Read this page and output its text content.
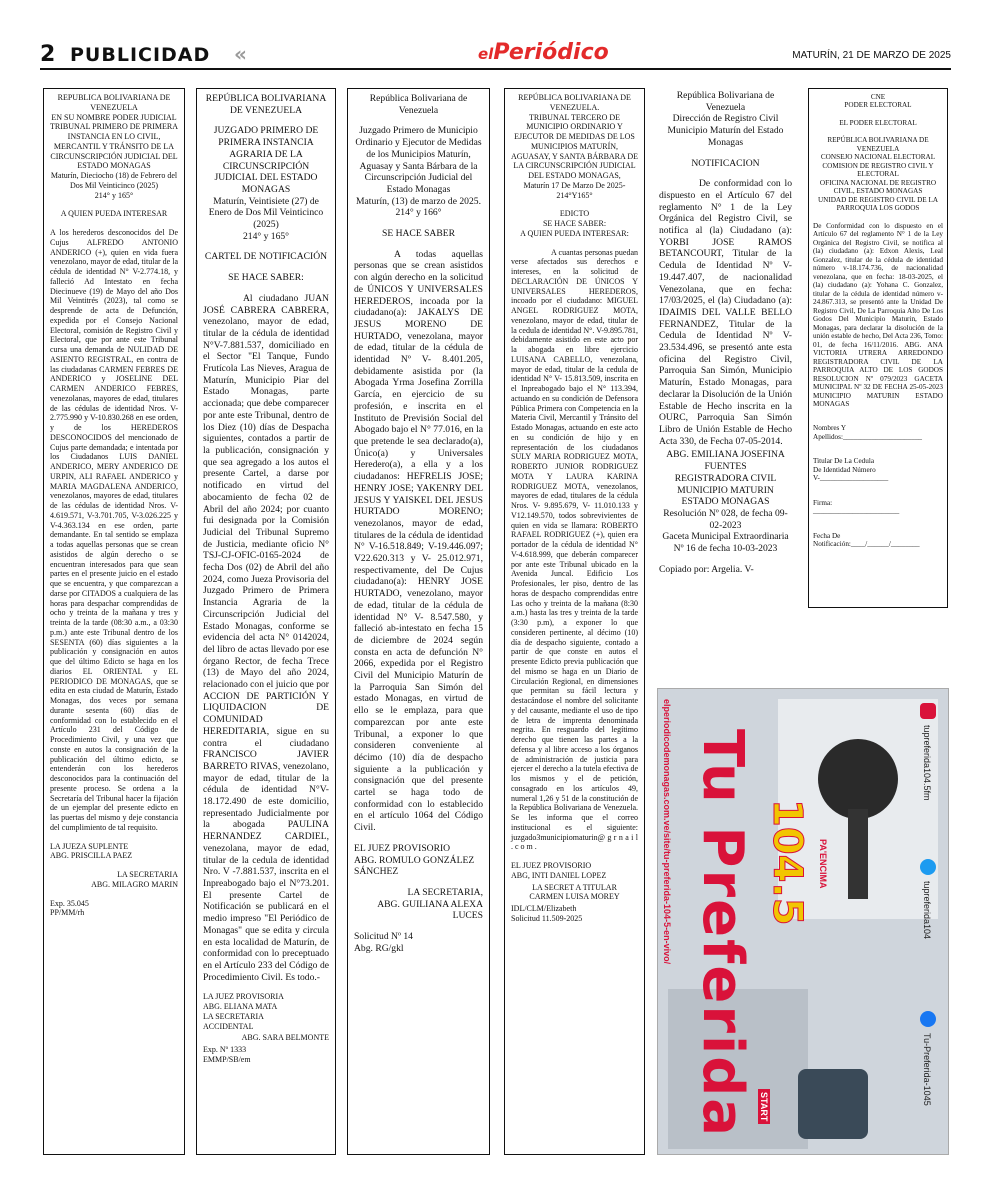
2 PUBLICIDAD «	elPeriódico	MATURÍN, 21 DE MARZO DE 2025

REPUBLICA BOLIVARIANA DE VENEZUELA
EN SU NOMBRE PODER JUDICIAL
TRIBUNAL PRIMERO DE PRIMERA INSTANCIA EN LO CIVIL, MERCANTIL Y TRÁNSITO DE LA CIRCUNSCRIPCIÓN JUDICIAL DEL ESTADO MONAGAS
Maturín, Dieciocho (18) de Febrero del Dos Mil Veinticinco (2025)
214° y 165°

A QUIEN PUEDA INTERESAR

A los herederos desconocidos del De Cujus ALFREDO ANTONIO ANDERICO (+), quien en vida fuera venezolano, mayor de edad, titular de la cédula de identidad N° V-2.774.18, y falleció Ad Intestato en fecha Diecinueve (19) de Mayo del año Dos Mil Veintitrés (2023), tal como se desprende de acta de Defunción, expedida por el Consejo Nacional Electoral, comisión de Registro Civil y Electoral, que por ante este Tribunal cursa una demanda de NULIDAD DE ASIENTO REGISTRAL, en contra de las ciudadanas CARMEN FEBRES DE ANDERICO y JOSELINE DEL CARMEN ANDERICO FEBRES, venezolanas, mayores de edad, titulares de las cédulas de identidad Nros. V-2.775.990 y V-10.830.268 en ese orden, y de los HEREDEROS DESCONOCIDOS del mencionado de Cujus parte demandada; e intentada por los Ciudadanos LUIS DANIEL ANDERICO, MERY ANDERICO DE URPIN, ALI RAFAEL ANDERICO y MARIA MAGDALENA ANDERICO, venezolanos, mayores de edad, titulares de las cédulas de identidad Nros. V-4.619.571, V-3.701.705, V-3.026.225 y V-4.363.134 en ese orden, parte demandante. En tal sentido se emplaza a todas aquellas personas que se crean asistidos de algún derecho o se encuentran interesados para que sean partes en el presente juicio en el estado que se encuentra, y que comparezcan a darse por CITADOS a cualquiera de las horas para despachar comprendidas de ocho y treinta de la mañana y tres y treinta de la tarde (08:30 a.m., a 03:30 p.m.) ante este Tribunal dentro de los SESENTA (60) días siguientes a la publicación y consignación en autos que del último Edicto se haga en los diarios EL ORIENTAL y EL PERIODICO DE MONAGAS, que se edita en esta ciudad de Maturín, Estado Monagas, dos veces por semana durante sesenta (60) días de conformidad con lo establecido en el Artículo 231 del Código de Procedimiento Civil, y una vez que conste en autos la consignación de la publicación del último edicto, se entenderán con los herederos desconocidos para la continuación del presente proceso. Se ordena a la Secretaría del Tribunal hacer la fijación de un ejemplar del presente edicto en las puertas del mismo y deje constancia del cumplimiento de tal requisito.

LA JUEZA SUPLENTE
ABG. PRISCILLA PAEZ

LA SECRETARIA
ABG. MILAGRO MARIN

Exp. 35.045
PP/MM/rh

REPÚBLICA BOLIVARIANA DE VENEZUELA

JUZGADO PRIMERO DE PRIMERA INSTANCIA AGRARIA DE LA CIRCUNSCRIPCIÓN JUDICIAL DEL ESTADO MONAGAS
Maturín, Veintisiete (27) de Enero de Dos Mil Veinticinco (2025)
214° y 165°

CARTEL DE NOTIFICACIÓN

SE HACE SABER:

Al ciudadano JUAN JOSÉ CABRERA CABRERA, venezolano, mayor de edad, titular de la cédula de identidad N°V-7.881.537, domiciliado en el Sector "El Tanque, Fundo Frutícola Las Nieves, Aragua de Maturín, Municipio Piar del Estado Monagas, parte accionada; que debe comparecer por ante este Tribunal, dentro de los Diez (10) días de Despacha siguientes, contados a partir de la publicación, consignación y que sea agregado a los autos el presente Cartel, a darse por notificado en virtud del abocamiento de fecha 02 de Abril del año 2024; por cuanto fui designada por la Comisión Judicial del Tribunal Supremo de Justicia, mediante oficio N° TSJ-CJ-OFIC-0165-2024 de fecha Dos (02) de Abril del año 2024, como Jueza Provisoria del Juzgado Primero de Primera Instancia Agraria de la Circunscripción Judicial del Estado Monagas, conforme se evidencia del acta N° 0142024, del libro de actas llevado por ese órgano Rector, de fecha Trece (13) de Mayo del año 2024, relacionado con el juicio que por ACCION DE PARTICIÓN Y LIQUIDACION DE COMUNIDAD HEREDITARIA, sigue en su contra el ciudadano FRANCISCO JAVIER BARRETO RIVAS, venezolano, mayor de edad, titular de la cédula de identidad N°V-18.172.490 de este domicilio, representado Judicialmente por la abogada PAULINA HERNANDEZ CARDIEL, venezolana, mayor de edad, titular de la cedula de identidad Nro. V -7.881.537, inscrita en el Inpreabogado bajo el N°73.201. El presente Cartel de Notificación se publicará en el medio impreso "El Periódico de Monagas" que se edita y circula en esta localidad de Maturín, de conformidad con lo preceptuado en el Artículo 233 del Código de Procedimiento Civil. Es todo.-

LA JUEZ PROVISORIA
ABG. ELIANA MATA
LA SECRETARIA
ACCIDENTAL

ABG. SARA BELMONTE

Exp. Nº 1333
EMMP/SB/em

República Bolivariana de Venezuela

Juzgado Primero de Municipio Ordinario y Ejecutor de Medidas de los Municipios Maturín, Aguasay y Santa Bárbara de la Circunscripción Judicial del Estado Monagas
Maturín, (13) de marzo de 2025.
214° y 166°

SE HACE SABER

A todas aquellas personas que se crean asistidos con algún derecho en la solicitud de ÚNICOS Y UNIVERSALES HEREDEROS, incoada por la ciudadano(a): JAKALYS DE JESUS MORENO DE HURTADO, venezolana, mayor de edad, titular de la cédula de identidad Nº V- 8.401.205, debidamente asistida por (la Abogada Yrma Josefina Zorrilla García, en ejercicio de su profesión, e inscrita en el Instituto de Previsión Social del Abogado bajo el N° 77.016, en la que pretende le sea declarado(a), Único(a) y Universales Heredero(a), a ella y a los ciudadanos: HEFRELIS JOSE; HENRY JOSE; YAKENRY DEL JESUS Y YAISKEL DEL JESUS HURTADO MORENO; venezolanos, mayor de edad, titulares de la cédula de identidad N° V-16.518.849; V-19.446.097; V22.620.313 y V- 25.012.971, respectivamente, del De Cujus ciudadano(a): HENRY JOSE HURTADO, venezolano, mayor de edad, titular de la cédula de identidad N° V- 8.547.580, y falleció ab-intestato en fecha 15 de diciembre de 2024 según consta en acta de defunción N° 2066, expedida por el Registro Civil del Municipio Maturín de la Parroquia San Simón del estado Monagas, en virtud de ello se le emplaza, para que comparezcan por ante este Tribunal, a exponer lo que consideren conveniente al décimo (10) día de despacho siguiente a la publicación y consignación que del presente cartel se haga todo de conformidad con lo establecido en el artículo 1064 del Código Civil.

EL JUEZ PROVISORIO
ABG. ROMULO GONZÁLEZ SÁNCHEZ

LA SECRETARIA,
ABG. GUILIANA ALEXA LUCES

Solicitud Nº 14
Abg. RG/gkl

REPÚBLICA BOLIVARIANA DE VENEZUELA.
TRIBUNAL TERCERO DE MUNICIPIO ORDINARIO Y EJECUTOR DE MEDIDAS DE LOS MUNICIPIOS MATURÍN, AGUASAY, Y SANTA BÁRBARA DE LA CIRCUNSCRIPCIÓN JUDICIAL DEL ESTADO MONAGAS,
Maturín 17 De Marzo De 2025-
214°Y165°

EDICTO
SE HACE SABER:
A QUIEN PUEDA INTERESAR:

A cuantas personas puedan verse afectados sus derechos e intereses, en la solicitud de DECLARACIÓN DE ÚNICOS Y UNIVERSALES HEREDEROS, incoado por el ciudadano: MIGUEL ANGEL RODRIGUEZ MOTA, venezolano, mayor de edad, titular de la cedula de identidad N°. V-9.895.781, debidamente asistido en este acto por la abogada en libre ejercicio LUISANA CABELLO, venezolana, mayor de edad, titular de la cedula de identidad N° V- 15.813.509, inscrita en el Inpreabogado bajo el N° 113.394, actuando en su condición de Defensora Pública Primera con Competencia en la Materia Civil, Mercantil y Tránsito del Estado Monagas, actuando en este acto en su condición de hijo y en representación de los ciudadanos SULY MARIA RODRIGUEZ MOTA, ROBERTO JUNIOR RODRIGUEZ MOTA Y LAURA KARINA RODRIGUEZ MOTA, venezolanos, mayores de edad, titulares de la cédula Nros. V- 9.895.679, V- 11.010.133 y V12.149.570, todos sobrevivientes de quien en vida se llamara: ROBERTO RAFAEL RODRIGUEZ (+), quien era portador de la cédula de identidad N° V-4.618.999, que deberán comparecer por ante este Tribunal ubicado en la Avenida Juncal. Edificio Los Profesionales, ler piso, dentro de las horas de despacho comprendidas entre Las ocho y treinta de la mañana (8:30 a.m.) hasta las tres y treinta de la tarde (3:30 p.m), a exponer lo que consideren pertinente, al décimo (10) día de despacho siguiente, contado a partir de que conste en autos el presente Edicto previa publicación que del mismo se haga en un Diario de Circulación Regional, en dimensiones que permitan su fácil lectura y destacándose el nombre del solicitante y del causante, mediante el uso de tipo de letra de imprenta denominada negrita. En resguardo del legítimo derecho que tienen las partes a la defensa y al libre acceso a los órganos de administración de justicia para ejercer el derecho a la tutela efectiva de los mismos y el de petición, consagrado en los artículos 49, numeral 1,26 y 51 de la constitución de la República Bolivariana de Venezuela. Se les informa que el correo institucional es el siguiente: juzgado3municipiomaturin@ g r n a i l . c o m .

EL JUEZ PROVISORIO
ABG, INTI DANIEL LOPEZ

LA SECRET A TITULAR
CARMEN LUISA MOREY

IDL/CLM/Elizabeth
Solicitud 11.509-2025

República Bolivariana de Venezuela
Dirección de Registro Civil Municipio Maturín del Estado Monagas

NOTIFICACION

De conformidad con lo dispuesto en el Artículo 67 del reglamento N° 1 de la Ley Orgánica del Registro Civil, se notifica al (la) Ciudadano (a): YORBI JOSE RAMOS BETANCOURT, Titular de la Cedula de Identidad Nº V-19.447.407, de nacionalidad Venezolana, que en fecha: 17/03/2025, el (la) Ciudadano (a): IDAIMIS DEL VALLE BELLO FERNANDEZ, Titular de la Cedula de Identidad Nº V-23.534.496, se presentó ante esta oficina del Registro Civil, Parroquia San Simón, Municipio Maturín, Estado Monagas, para declarar la Disolución de la Unión Estable de Hecho inscrita en la OURC, Parroquia San Simón Libro de Unión Estable de Hecho Acta 330, de Fecha 07-05-2014.

ABG. EMILIANA JOSEFINA FUENTES
REGISTRADORA CIVIL MUNICIPIO MATURIN ESTADO MONAGAS
Resolución Nº 028, de fecha 09-02-2023
Gaceta Municipal Extraordinaria Nº 16 de fecha 10-03-2023

Copiado por: Argelia. V-

CNE
PODER ELECTORAL

EL PODER ELECTORAL

REPÚBLICA BOLIVARIANA DE VENEZUELA
CONSEJO NACIONAL ELECTORAL
COMISION DE REGISTRO CIVIL Y ELECTORAL
OFICINA NACIONAL DE REGISTRO CIVIL, ESTADO MONAGAS
UNIDAD DE REGISTRO CIVIL DE LA PARROQUIA LOS GODOS

De Conformidad con lo dispuesto en el Artículo 67 del reglamento N° 1 de la Ley Orgánica del Registro Civil, se notifica al (la) ciudadano (a): Edxon Alexis, Leal Gonzalez, titular de la cédula de identidad número v-18.174.736, de nacionalidad venezolana, que en fecha: 18-03-2025, el (la) ciudadano (a): Yohana C. Gonzalez, titular de la cédula de identidad número v-24.867.313, se presentó ante la Unidad De Registro Civil, De La Parroquia Alto De Los Godos Del Municipio Maturin, Estado Monagas, para declarar la disolución de la unión estable de hecho, Del Acta 236, Tomo: 01, de fecha 16/11/2016. ABG. ANA VICTORIA UTRERA ARREDONDO REGISTRADORA CIVIL DE LA PARROQUIA ALTO DE LOS GODOS RESOLUCION Nº 079/2023 GACETA MUNICIPAL Nº 32 DE FECHA 25-05-2023 MUNICIPIO MATURIN ESTADO MONAGAS

Nombres Y Apellidos:______________________

Titular De La Cedula
De Identidad Número
V-___________________

Firma:
________________________

Fecha De Notificación:____/______/________

elperiodicodemonagas.com.ve/site/tu-preferida-104-5-en-vivo/ Tu Preferida 104.5 PA'ENCIMA
START
tupreferida104.5fm
tupreferida104
Tu-Preferida-1045
